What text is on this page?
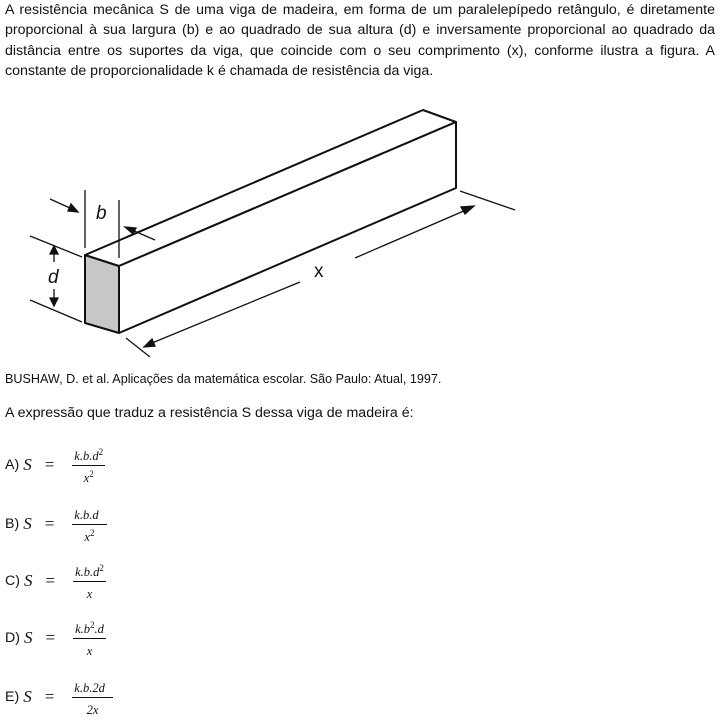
A resistência mecânica S de uma viga de madeira, em forma de um paralelepípedo retângulo, é diretamente proporcional à sua largura (b) e ao quadrado de sua altura (d) e inversamente proporcional ao quadrado da distância entre os suportes da viga, que coincide com o seu comprimento (x), conforme ilustra a figura. A constante de proporcionalidade k é chamada de resistência da viga.

b
d	x

BUSHAW, D. et al. Aplicações da matemática escolar. São Paulo: Atual, 1997.

A expressão que traduz a resistência S dessa viga de madeira é:

A) $S = \frac{k.b.d^2}{x^2}$
B) $S = \frac{k.b.d}{x^2}$
C) $S = \frac{k.b.d^2}{x}$
D) $S = \frac{k.b^2.d}{x}$
E) $S = \frac{k.b.2d}{2x}$
